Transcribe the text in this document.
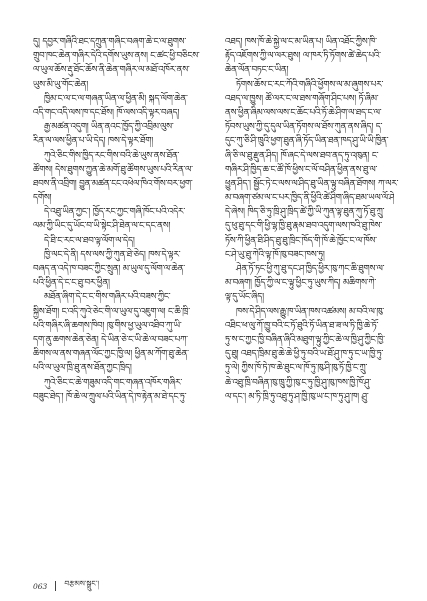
དུ། དབྱར་གཞིའི་ཐང་དཀྲུན་གཞིང་བཞག་ཆེ་ང་ལ་ཐུགས་

གྲུབ་ཁང་ཆེན་གཞིར་དེའི་དགོས་ཡུས་ནས། ང་ཚང་ཕྱི་བཅིངས་

ལ་ཡུལ་ཆོས་རྡུ་ཐོང་ཆོས་ནི་ཆེན་གཞིར་ལ་མཐོ་འཁོར་ནས་

ཡུས་མི་ཡུ་གོང་ཆེན།

ཁྱིམ་ང་ལ་ང་ལ་གཞན་ཡིན་ལ་ཕྱིན་མི། སྐད་ལོག་ཆེན་

འདི་གང་འདི་ལས་ཁ་དང་ཐོས། ཁོ་ལས་འདི་ལྟར་བཞད།

རྒྱ་མཚན་འདུག། ཡིན་ནའང་ཁྱོད་ཀྱི་འབྲིམ་ལུས་

རིན་ལ་ལས་ཕྱིན་པ་ཡི་དེད། ཁས་དེ་ལྟར་ཐོག།

ཀུའེ་ཅིང་གིས་ཁྱིད་རང་གིས་བའི་ཆེ་ཡུས་ནས་ཐོན་

ཚོགས། དེས་ཐུགས་ཀྱུན་ཆེ་མགོ་ཐུ་ཚོགས་ཡུས་པའི་རིན་ལ་

ཐབས་ནི་འབྲིག། བྱུན་མཚན་ངང་འཕེལ་ཁིའ་གོས་བར་ཕྱག་

དགོས།

དེ་འཐུ་ཡིན་ཀྱང་། ཁྱོད་རང་ཀྱང་གཞི་ཁོང་པའི་འདེར་

ལམ་ཀྱི་ཡིང་དུ་ཡོང་བ་ཡི་སྟེང་ཤི་ཐེན་ལ་ང་དང་ནས།

དེ་ཐི་ང་རང་ལ་ཐབ་ལྟ་ལོག་ལ་དེད།

ཁྱི་ལང་དེ་ནི། དས་ལས་ཀྱི་ཀུན་ཐེ་ཅེད། ཁས་དེ་ལྟར་

བཞད་ན་འདེ་ཁ་བཟང་ཀྱིང་སྲུན། མ་ཡུལ་དུ་ལོག་ལ་ཆེན་

པའི་ཕྱིན་དེ་ང་ང་ཐུ་བར་ཕྱིན།

མཐོན་ཞིག་དེ་ང་ང་གིས་གཞིར་པའི་བཟས་ཀྱིང་

སྐྱིས་ཐོག། ང་འདི་ཀུའེ་ཅེང་གི་ལ་ཡུལ་དུ་འཇུག་ལ། ང་ཆི་ཁྲི་

པའི་གཞིར་ཞི་ཆགས་ཁིབ། ཁུ་གིས་ཕྱ་ཡུལ་འཐིབ་ཀུ་ཡི་

དག་ནུ་ཆགས་ཆེན་ཅེན། དེ་ཡིན་ཅེ་ང་ཡི་ཆེ་ལ་བཟང་པཀ་

ཆིགས་ལ་ནས་གཞན་ལོང་ཀྱང་ཁྱི་ལ། ཕྱིན་མ་ཀོག་ཐུ་ཆེན་

པའི་ལ་ཡུལ་ཁྲི་ཐུ་ནས་ཐོན་ཀྱང་ཁྲིད།

ཀུའེ་ཅིང་ང་ཆེ་གཟུམ་འདི་གང་གཞན་འཁོར་གཞིར་

བཟུང་ཐེད་། ཁོ་ཆེ་ལ་ཀྲུལ་པའི་ཡིན་དེ་ཁ་རྟེན་མ་ཐེ་དང་ཏུ་

འཐད། ཁས་ཁོ་ཆེ་སྐྱེ་ལ་ང་མ་ཡིན་པ། ཡིན་འཐོང་ཀྱིས་ཁི་

རྟོད་འཇོགས་ཀྱི་ལ་ལར་ཐུས། ལ་ཁར་ཏི་ཏོགས་ཚེ་ཆེད་པའི་

ཆེན་ལོན་བཏང་ང་ཡིན།

ཏོགས་ཆོས་ང་རང་ཀོའི་གཞིའི་ཕྱོགས་ལ་མ་ཞུགས་པར་

འཐད་ལ་ཁྱུས། ཚོ་ལར་ང་ལ་ཐས་གཞོག་ཤིང་པས། ཏོ་ཞིམ་

ནས་ཕྱིན་ཞིམ་ལས་ལས་ང་ཆོང་པའི་ཏོ་ཆེ་ཤིག་ལ་ཐད་ང་ལ་

ཏོབས་ཡུས་ཀྱི་དུ་དུལ་ཡིན་ཏོགས་ལ་ཐོས་ཀུན་ནས་ཞིད། ད་

དུང་ཀུ་ཅི་ཤི་ཁྲུའི་ཕྱག་ཐུན་ཞི་ཏོད་ཡིན་ཐན་ཁད་ཤུ་ཡི་ཡི་ཁྱིན་

ཞི་ཅི་ལ་ཐུ་རྫུན་ཤིད། ཁོ་ཞང་དེ་ལས་ཐབ་ནད་ཏུ་འཁུན། ང་

གཞིར་ཤི་ཁྱིད་ཆ་ང་ཚོ་ཁོ་ཕྱིས་ང་ལོ་བཤིན་ཕྱིན་ནས་ཐུ་ལ་

ཕྱུན་ཤིད་། སྦྱོང་ཏེ་ང་ལས་ལ་ཤིད་ཐུ་ཡིན་ལྟུ་བཞིན་ཐོགས། ཀ་ལར་

མ་བཞག་ཙམ་ལ་ང་པར་ཁྱིད་ནི་ཕྱིའི་ཚེ་ཤིག་ཞིད་ཐམ་ཡལ་ལོ་ཤེ

དེ་ཞེས། ཁིད་ཅི་ཏུ་ཁྲི་ཤུ་ཁྲིད་ཚེ་ཀྱི་ཡི་ཀུན་ལྟ་ཐུན་ཀུ་ཏོ་ཐུ་ཀྲུ་

དུ་ཕུ་ཐུ་དང་གི་ཕྱི་ལྷ་ཁྱི་ཐུ་རྣམ་ཐབ་འདུག་ལས་ཁའི་ཐུ་ཁེས་

ཏོས་ཀི་ཕྱིན་ཐི་ཤིད་ཐུ་ཐུ་ཁྲིང་ཁོད་གི་ཁོ་ཆེ་ཁྱོང་ང་ལ་ཁོས་

ང་ཤེ་ཡུ་ཐུ་ཀེའི་ལྟ་ཁོ་ཁུ་བཟང་ཁས་ཏུ།

ཤེན་ཏོ་ཏང་ཕྱི་ཀུ་ཐུ་དང་ཤ་ཁྱིད་ཕྱིར་ཁུ་ཀང་ཆི་ཐུགས་ལ་

མ་བཞག། ཁྱོད་ཀྱི་ལ་ང་ལྟུ་ཕྱིང་ཏུ་ཡུས་ཀིད། མཆིགས་ཀེ་

ལྟ་དུ་ཡོང་ཞིད།

ཁས་དེ་ཤིད་ལས་རྒྱུ་ཁ་ཡིན་ཁས་འཚམས། མ་བའི་ལ་ཁུ་

འཐིང་ཕ་ལུ་ཀོ་ཁྱུ་བའི་ང་ཏོ་ཐུའི་ཏོ་ཡིན་ཐ་ཟ་ལ་ཏི་ཁྱི་ཆེ་ཏོ་

ཏུ་ས་ང་ཀྱང་ཁྱི་བཞིན་ཞིའི་མཐུག་ལྟུ་ཀྱིང་ཆེ་ལ་ཁྱི་ཤུ་ཀྱིང་ཁྱི་

དུ་ཐུ། འཐད་ཁྲིམ་ཐུ་ཆེ་ཆེ་ཕྱི་ཏུ་བའི་ཡ་ཐོ་ཤུ་ཁ་ཏུ་ང་ཡ་ཁྱི་ཏུ་

ཏུ་ལེ། ཀྱིས་ཁོ་ཏེ་ཁ་ཆེ་ཐུང་ལ་ཁོ་ཏུ་ཁུ་ཤི་ཁུ་ཏོ་ཁྱི་ང་ཀྲུ་

ཆེ་འཐུ་ཁྲི་བཞིན་ཁུ་ཁྲུ་ཀྱི་ཁུ་ང་ཏུ་ཁྱི་ཤུ་ཁུ་ཁས་ཁྱི་ཁོ་ཤུ་

ལ་དང་། མ་ཏི་ཁྲི་ཏུ་འཐུ་ཏུ་ཤ་ཁྱི་ཁུ་ཡ་ང་ཁ་ཏུ་ཤུ་ཁ། ཤྲུ་

063 བརྩམས་སྒྲུང་།
